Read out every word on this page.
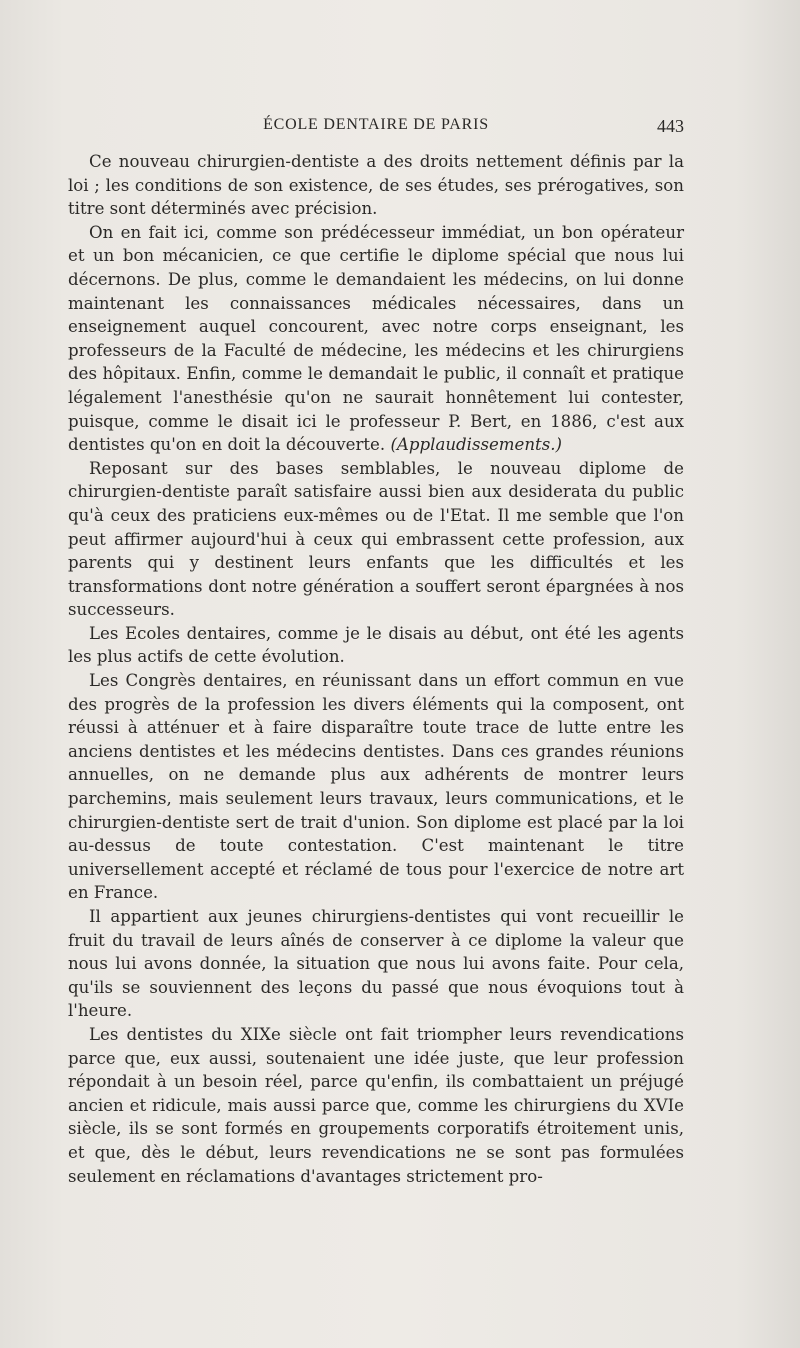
ÉCOLE DENTAIRE DE PARIS	443

Ce nouveau chirurgien-dentiste a des droits nettement définis par la loi ; les conditions de son existence, de ses études, ses prérogatives, son titre sont déterminés avec précision.

On en fait ici, comme son prédécesseur immédiat, un bon opérateur et un bon mécanicien, ce que certifie le diplome spécial que nous lui décernons. De plus, comme le demandaient les médecins, on lui donne maintenant les connaissances médicales nécessaires, dans un enseignement auquel concourent, avec notre corps enseignant, les professeurs de la Faculté de médecine, les médecins et les chirurgiens des hôpitaux. Enfin, comme le demandait le public, il connaît et pratique légalement l'anesthésie qu'on ne saurait honnêtement lui contester, puisque, comme le disait ici le professeur P. Bert, en 1886, c'est aux dentistes qu'on en doit la découverte. (Applaudissements.)

Reposant sur des bases semblables, le nouveau diplome de chirurgien-dentiste paraît satisfaire aussi bien aux desiderata du public qu'à ceux des praticiens eux-mêmes ou de l'Etat. Il me semble que l'on peut affirmer aujourd'hui à ceux qui embrassent cette profession, aux parents qui y destinent leurs enfants que les difficultés et les transformations dont notre génération a souffert seront épargnées à nos successeurs.

Les Ecoles dentaires, comme je le disais au début, ont été les agents les plus actifs de cette évolution.

Les Congrès dentaires, en réunissant dans un effort commun en vue des progrès de la profession les divers éléments qui la composent, ont réussi à atténuer et à faire disparaître toute trace de lutte entre les anciens dentistes et les médecins dentistes. Dans ces grandes réunions annuelles, on ne demande plus aux adhérents de montrer leurs parchemins, mais seulement leurs travaux, leurs communications, et le chirurgien-dentiste sert de trait d'union. Son diplome est placé par la loi au-dessus de toute contestation. C'est maintenant le titre universellement accepté et réclamé de tous pour l'exercice de notre art en France.

Il appartient aux jeunes chirurgiens-dentistes qui vont recueillir le fruit du travail de leurs aînés de conserver à ce diplome la valeur que nous lui avons donnée, la situation que nous lui avons faite. Pour cela, qu'ils se souviennent des leçons du passé que nous évoquions tout à l'heure.

Les dentistes du XIXe siècle ont fait triompher leurs revendications parce que, eux aussi, soutenaient une idée juste, que leur profession répondait à un besoin réel, parce qu'enfin, ils combattaient un préjugé ancien et ridicule, mais aussi parce que, comme les chirurgiens du XVIe siècle, ils se sont formés en groupements corporatifs étroitement unis, et que, dès le début, leurs revendications ne se sont pas formulées seulement en réclamations d'avantages strictement pro-
